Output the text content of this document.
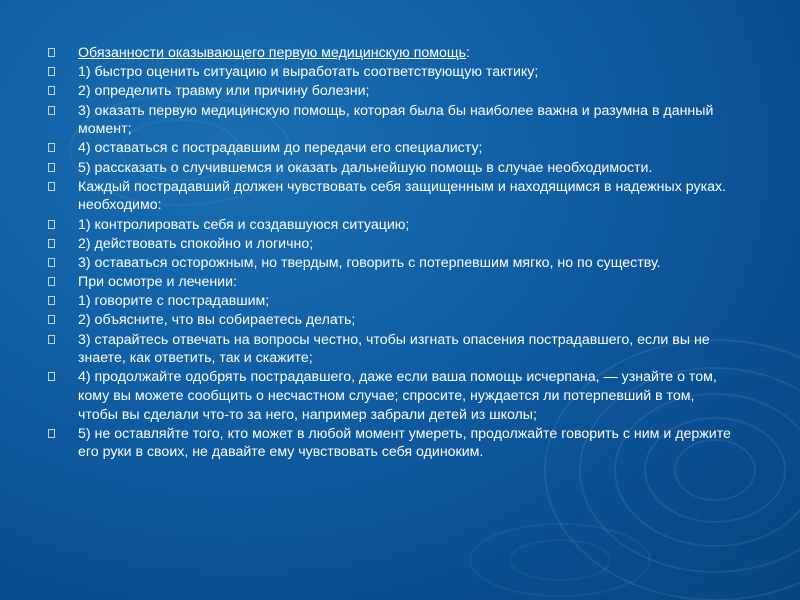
Обязанности оказывающего первую медицинскую помощь:
1) быстро оценить ситуацию и выработать соответствующую тактику;
2) определить травму или причину болезни;
3) оказать первую медицинскую помощь, которая была бы наиболее важна и разумна в данный момент;
4) оставаться с пострадавшим до передачи его специалисту;
5) рассказать о случившемся и оказать дальнейшую помощь в случае необходимости.
Каждый пострадавший должен чувствовать себя защищенным и находящимся в надежных руках. необходимо:
1) контролировать себя и создавшуюся ситуацию;
2) действовать спокойно и логично;
3) оставаться осторожным, но твердым, говорить с потерпевшим мягко, но по существу.
При осмотре и лечении:
1) говорите с пострадавшим;
2) объясните, что вы собираетесь делать;
3) старайтесь отвечать на вопросы честно, чтобы изгнать опасения пострадавшего, если вы не знаете, как ответить, так и скажите;
4) продолжайте одобрять пострадавшего, даже если ваша помощь исчерпана, — узнайте о том, кому вы можете сообщить о несчастном случае; спросите, нуждается ли потерпевший в том, чтобы вы сделали что-то за него, например забрали детей из школы;
5) не оставляйте того, кто может в любой момент умереть, продолжайте говорить с ним и держите его руки в своих, не давайте ему чувствовать себя одиноким.
